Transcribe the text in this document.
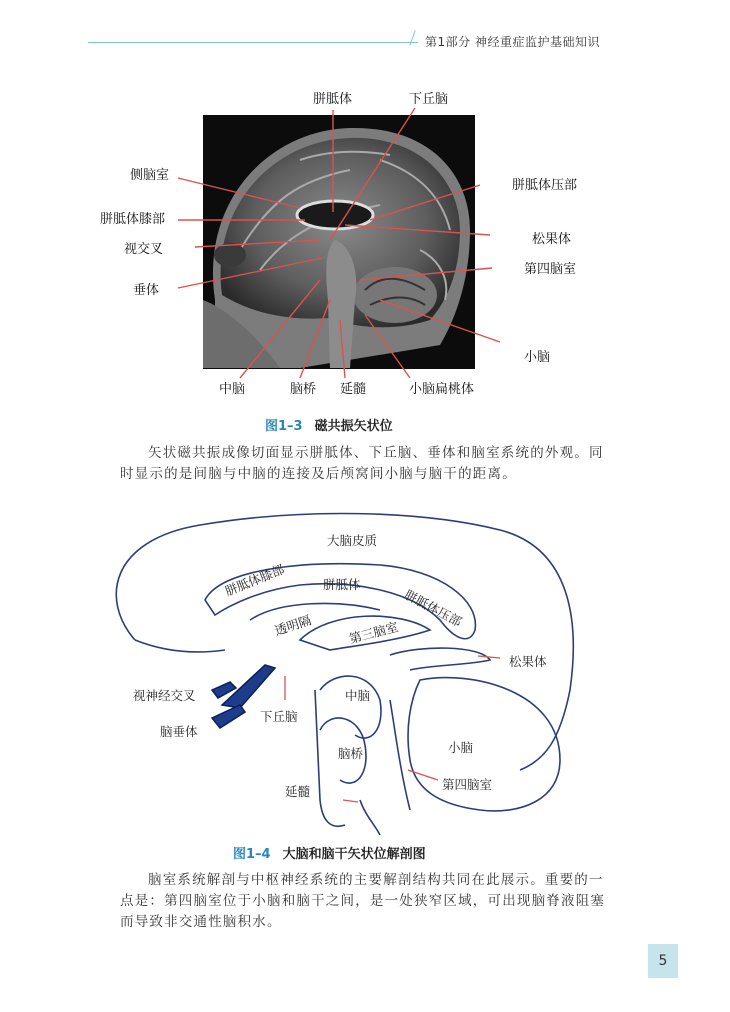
第1部分 神经重症监护基础知识
胼胝体	下丘脑
侧脑室
胼胝体压部
胼胝体膝部
松果体
视交叉
第四脑室
垂体
小脑
中脑	脑桥 延髓	小脑扁桃体
图1–3 磁共振矢状位
矢状磁共振成像切面显示胼胝体、下丘脑、垂体和脑室系统的外观。同时显示的是间脑与中脑的连接及后颅窝间小脑与脑干的距离。
大脑皮质
胼胝体膝部	胼胝体
胼胝体压部
透明隔	第三脑室
松果体
视神经交叉	中脑
下丘脑
脑垂体
脑桥	小脑
第四脑室
延髓
图1–4 大脑和脑干矢状位解剖图
脑室系统解剖与中枢神经系统的主要解剖结构共同在此展示。重要的一点是：第四脑室位于小脑和脑干之间，是一处狭窄区域，可出现脑脊液阻塞而导致非交通性脑积水。
5
